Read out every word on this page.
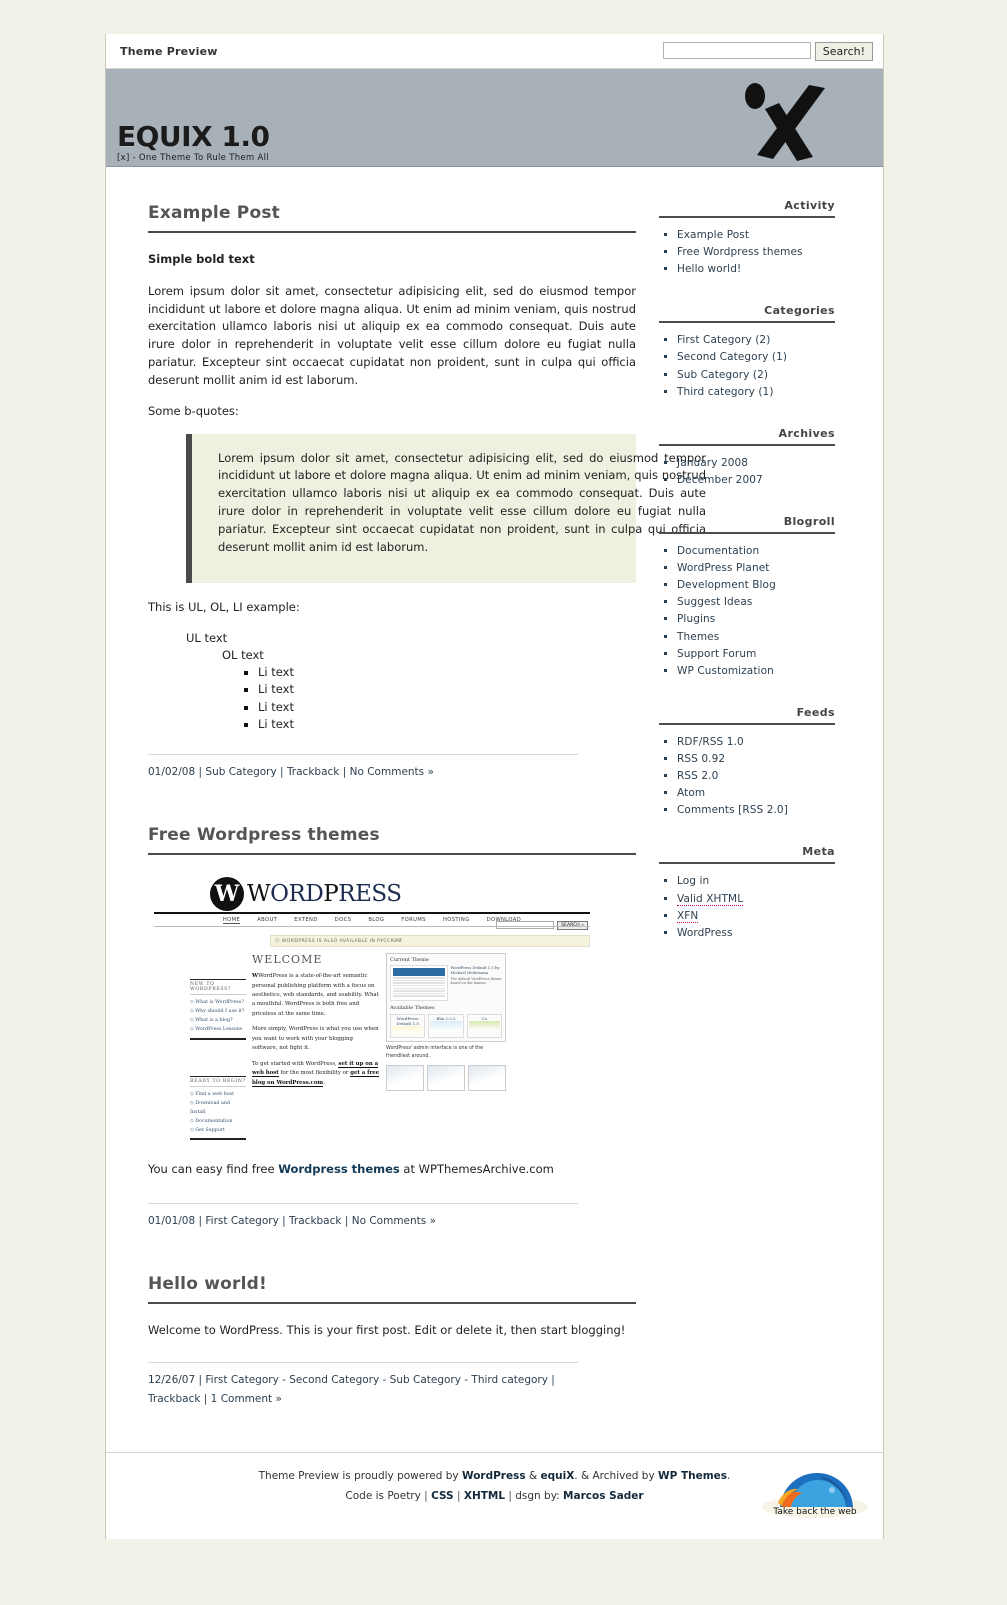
Theme Preview	Search!
EQUIX 1.0
[x] - One Theme To Rule Them All
Example Post

Simple bold text

Lorem ipsum dolor sit amet, consectetur adipisicing elit, sed do eiusmod tempor incididunt ut labore et dolore magna aliqua. Ut enim ad minim veniam, quis nostrud exercitation ullamco laboris nisi ut aliquip ex ea commodo consequat. Duis aute irure dolor in reprehenderit in voluptate velit esse cillum dolore eu fugiat nulla pariatur. Excepteur sint occaecat cupidatat non proident, sunt in culpa qui officia deserunt mollit anim id est laborum.

Some b-quotes:

Lorem ipsum dolor sit amet, consectetur adipisicing elit, sed do eiusmod tempor incididunt ut labore et dolore magna aliqua. Ut enim ad minim veniam, quis nostrud exercitation ullamco laboris nisi ut aliquip ex ea commodo consequat. Duis aute irure dolor in reprehenderit in voluptate velit esse cillum dolore eu fugiat nulla pariatur. Excepteur sint occaecat cupidatat non proident, sunt in culpa qui officia deserunt mollit anim id est laborum.

This is UL, OL, LI example:

UL text
OL text
▪ Li text
▪ Li text
▪ Li text
▪ Li text
01/02/08 | Sub Category | Trackback | No Comments »
Free Wordpress themes
W WORDPRESS
HOME	ABOUT	EXTEND	DOCS	BLOG	FORUMS	HOSTING	DOWNLOAD
SEARCH »
Ⓖ WORDPRESS IS ALSO AVAILABLE IN РУССКИЙ
NEW TO WORDPRESS?
◇ What is WordPress?
◇ Why should I use it?
◇ What is a blog?
◇ WordPress Lessons
READY TO BEGIN?
◇ Find a web host
◇ Download and Install
◇ Documentation
◇ Get Support
WELCOME
WWordPress is a state-of-the-art semantic personal publishing platform with a focus on aesthetics, web standards, and usability. What a mouthful. WordPress is both free and priceless at the same time.
More simply, WordPress is what you use when you want to work with your blogging software, not fight it.
To get started with WordPress, set it up on a web host for the most flexibility or get a free blog on WordPress.com.
Current Theme
WordPress Default 1.5 by Michael Heilemann
The default WordPress theme based on the famous
Available Themes
WordPress Default 1.5
Blix 2.0.3	Co
WordPress' admin interface is one of the friendliest around.

You can easy find free Wordpress themes at WPThemesArchive.com

01/01/08 | First Category | Trackback | No Comments »
Hello world!

Welcome to WordPress. This is your first post. Edit or delete it, then start blogging!

12/26/07 | First Category - Second Category - Sub Category - Third category | Trackback | 1 Comment »
Activity
▪ Example Post
▪ Free Wordpress themes
▪ Hello world!
Categories
▪ First Category (2)
▪ Second Category (1)
▪ Sub Category (2)
▪ Third category (1)
Archives
▪ January 2008
▪ December 2007
Blogroll
▪ Documentation
▪ WordPress Planet
▪ Development Blog
▪ Suggest Ideas
▪ Plugins
▪ Themes
▪ Support Forum
▪ WP Customization
Feeds
▪ RDF/RSS 1.0
▪ RSS 0.92
▪ RSS 2.0
▪ Atom
▪ Comments [RSS 2.0]
Meta
▪ Log in
▪ Valid XHTML
▪ XFN
▪ WordPress
Theme Preview is proudly powered by WordPress & equiX. & Archived by WP Themes.
Code is Poetry | CSS | XHTML | dsgn by: Marcos Sader
Take back the web
